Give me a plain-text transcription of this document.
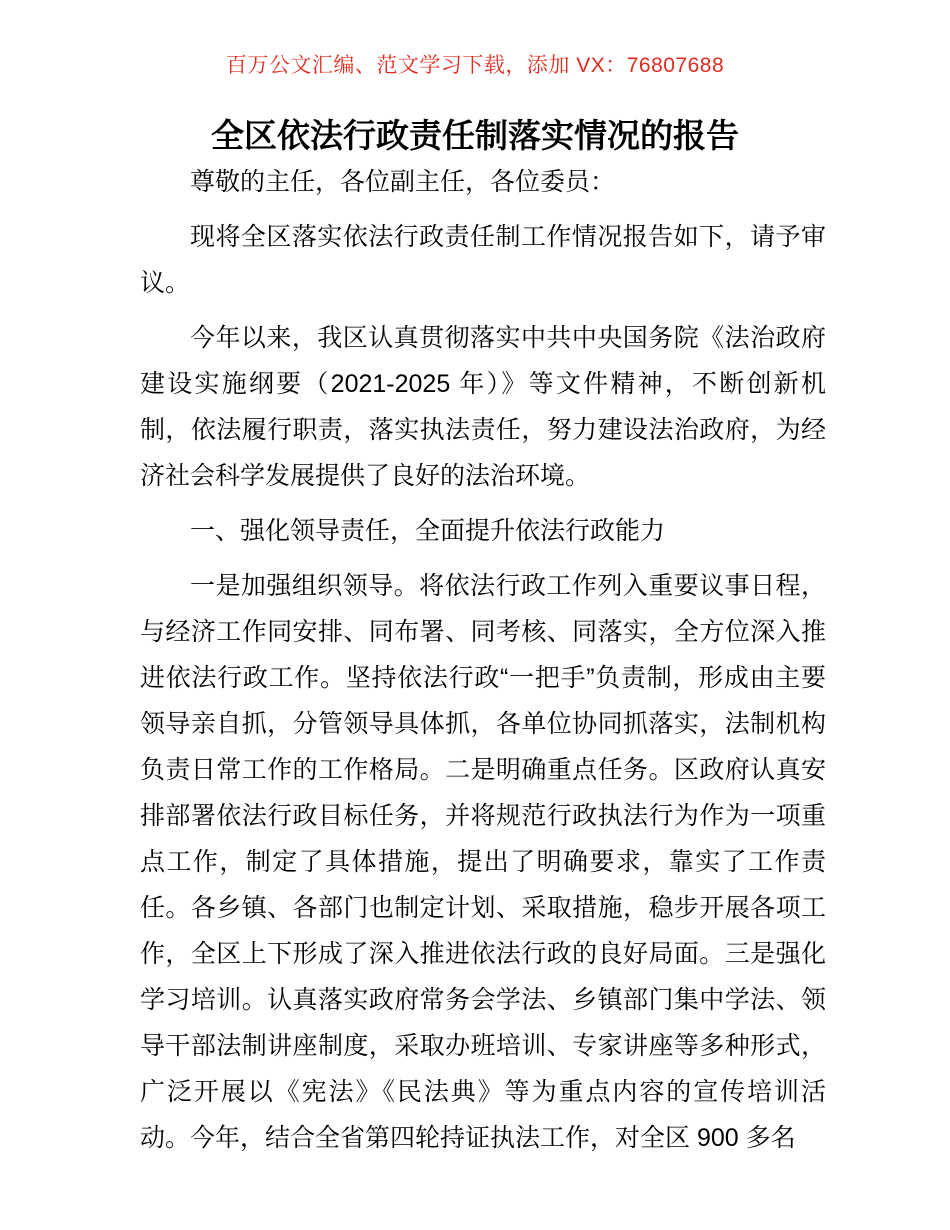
百万公文汇编、范文学习下载，添加 VX：76807688
全区依法行政责任制落实情况的报告

尊敬的主任，各位副主任，各位委员：

现将全区落实依法行政责任制工作情况报告如下，请予审议。

今年以来，我区认真贯彻落实中共中央国务院《法治政府建设实施纲要（2021-2025 年）》等文件精神，不断创新机制，依法履行职责，落实执法责任，努力建设法治政府，为经济社会科学发展提供了良好的法治环境。

一、强化领导责任，全面提升依法行政能力

一是加强组织领导。将依法行政工作列入重要议事日程，与经济工作同安排、同布署、同考核、同落实，全方位深入推进依法行政工作。坚持依法行政“一把手”负责制，形成由主要领导亲自抓，分管领导具体抓，各单位协同抓落实，法制机构负责日常工作的工作格局。二是明确重点任务。区政府认真安排部署依法行政目标任务，并将规范行政执法行为作为一项重点工作，制定了具体措施，提出了明确要求，靠实了工作责任。各乡镇、各部门也制定计划、采取措施，稳步开展各项工作，全区上下形成了深入推进依法行政的良好局面。三是强化学习培训。认真落实政府常务会学法、乡镇部门集中学法、领导干部法制讲座制度，采取办班培训、专家讲座等多种形式，广泛开展以《宪法》《民法典》等为重点内容的宣传培训活动。今年，结合全省第四轮持证执法工作，对全区 900 多名
